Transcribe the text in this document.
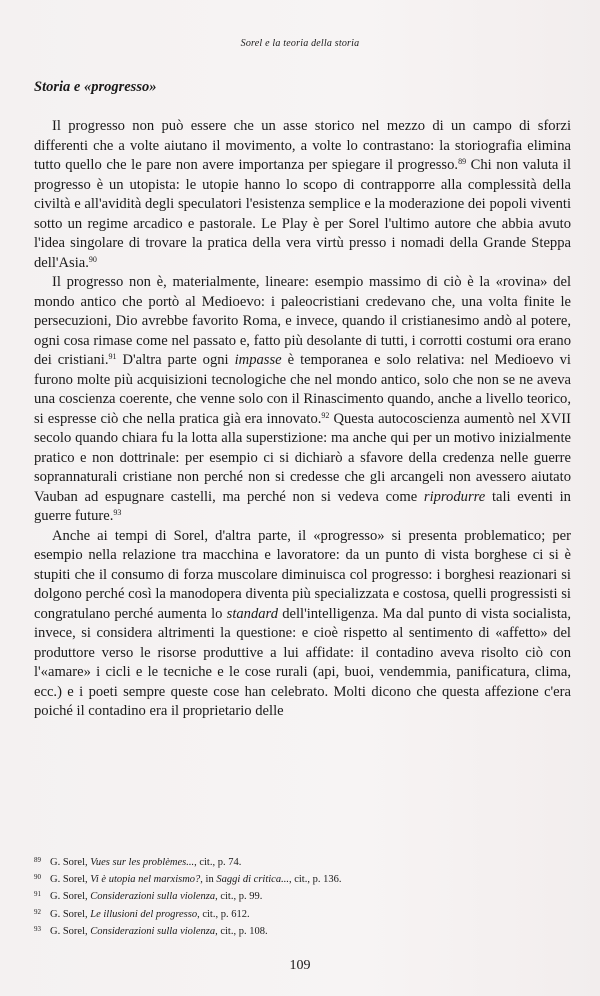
Sorel e la teoria della storia
Storia e «progresso»

Il progresso non può essere che un asse storico nel mezzo di un campo di sforzi differenti che a volte aiutano il movimento, a volte lo contrastano: la storiografia elimina tutto quello che le pare non avere importanza per spiegare il progresso.$^{89}$ Chi non valuta il progresso è un utopista: le utopie hanno lo scopo di contrapporre alla complessità della civiltà e all'avidità degli speculatori l'esistenza semplice e la moderazione dei popoli viventi sotto un regime arcadico e pastorale. Le Play è per Sorel l'ultimo autore che abbia avuto l'idea singolare di trovare la pratica della vera virtù presso i nomadi della Grande Steppa dell'Asia.$^{90}$

Il progresso non è, materialmente, lineare: esempio massimo di ciò è la «rovina» del mondo antico che portò al Medioevo: i paleocristiani credevano che, una volta finite le persecuzioni, Dio avrebbe favorito Roma, e invece, quando il cristianesimo andò al potere, ogni cosa rimase come nel passato e, fatto più desolante di tutti, i corrotti costumi ora erano dei cristiani.$^{91}$ D'altra parte ogni impasse è temporanea e solo relativa: nel Medioevo vi furono molte più acquisizioni tecnologiche che nel mondo antico, solo che non se ne aveva una coscienza coerente, che venne solo con il Rinascimento quando, anche a livello teorico, si espresse ciò che nella pratica già era innovato.$^{92}$ Questa autocoscienza aumentò nel XVII secolo quando chiara fu la lotta alla superstizione: ma anche qui per un motivo inizialmente pratico e non dottrinale: per esempio ci si dichiarò a sfavore della credenza nelle guerre soprannaturali cristiane non perché non si credesse che gli arcangeli non avessero aiutato Vauban ad espugnare castelli, ma perché non si vedeva come riprodurre tali eventi in guerre future.$^{93}$

Anche ai tempi di Sorel, d'altra parte, il «progresso» si presenta problematico; per esempio nella relazione tra macchina e lavoratore: da un punto di vista borghese ci si è stupiti che il consumo di forza muscolare diminuisca col progresso: i borghesi reazionari si dolgono perché così la manodopera diventa più specializzata e costosa, quelli progressisti si congratulano perché aumenta lo standard dell'intelligenza. Ma dal punto di vista socialista, invece, si considera altrimenti la questione: e cioè rispetto al sentimento di «affetto» del produttore verso le risorse produttive a lui affidate: il contadino aveva risolto ciò con l'«amare» i cicli e le tecniche e le cose rurali (api, buoi, vendemmia, panificatura, clima, ecc.) e i poeti sempre queste cose han celebrato. Molti dicono che questa affezione c'era poiché il contadino era il proprietario delle

89 G. Sorel, Vues sur les problèmes..., cit., p. 74.
90 G. Sorel, Vi è utopia nel marxismo?, in Saggi di critica..., cit., p. 136.
91 G. Sorel, Considerazioni sulla violenza, cit., p. 99.
92 G. Sorel, Le illusioni del progresso, cit., p. 612.
93 G. Sorel, Considerazioni sulla violenza, cit., p. 108.
109
